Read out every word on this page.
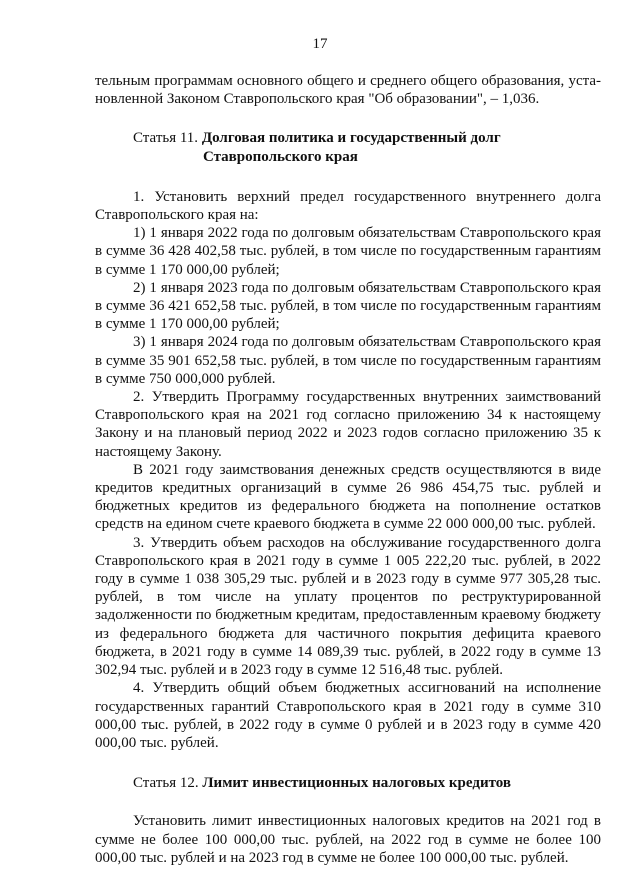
17

тельным программам основного общего и среднего общего образования, уста-

новленной Законом Ставропольского края "Об образовании", – 1,036.

Статья 11. Долговая политика и государственный долг
Ставропольского края

1. Установить верхний предел государственного внутреннего долга Ставропольского края на:

1) 1 января 2022 года по долговым обязательствам Ставропольского края в сумме 36 428 402,58 тыс. рублей, в том числе по государственным гарантиям в сумме 1 170 000,00 рублей;

2) 1 января 2023 года по долговым обязательствам Ставропольского края в сумме 36 421 652,58 тыс. рублей, в том числе по государственным гарантиям в сумме 1 170 000,00 рублей;

3) 1 января 2024 года по долговым обязательствам Ставропольского края в сумме 35 901 652,58 тыс. рублей, в том числе по государственным гарантиям в сумме 750 000,000 рублей.

2. Утвердить Программу государственных внутренних заимствований Ставропольского края на 2021 год согласно приложению 34 к настоящему Закону и на плановый период 2022 и 2023 годов согласно приложению 35 к настоящему Закону.

В 2021 году заимствования денежных средств осуществляются в виде кредитов кредитных организаций в сумме 26 986 454,75 тыс. рублей и бюджетных кредитов из федерального бюджета на пополнение остатков средств на едином счете краевого бюджета в сумме 22 000 000,00 тыс. рублей.

3. Утвердить объем расходов на обслуживание государственного долга Ставропольского края в 2021 году в сумме 1 005 222,20 тыс. рублей, в 2022 году в сумме 1 038 305,29 тыс. рублей и в 2023 году в сумме 977 305,28 тыс. рублей, в том числе на уплату процентов по реструктурированной задолженности по бюджетным кредитам, предоставленным краевому бюджету из федерального бюджета для частичного покрытия дефицита краевого бюджета, в 2021 году в сумме 14 089,39 тыс. рублей, в 2022 году в сумме 13 302,94 тыс. рублей и в 2023 году в сумме 12 516,48 тыс. рублей.

4. Утвердить общий объем бюджетных ассигнований на исполнение государственных гарантий Ставропольского края в 2021 году в сумме 310 000,00 тыс. рублей, в 2022 году в сумме 0 рублей и в 2023 году в сумме 420 000,00 тыс. рублей.

Статья 12. Лимит инвестиционных налоговых кредитов

Установить лимит инвестиционных налоговых кредитов на 2021 год в сумме не более 100 000,00 тыс. рублей, на 2022 год в сумме не более 100 000,00 тыс. рублей и на 2023 год в сумме не более 100 000,00 тыс. рублей.
